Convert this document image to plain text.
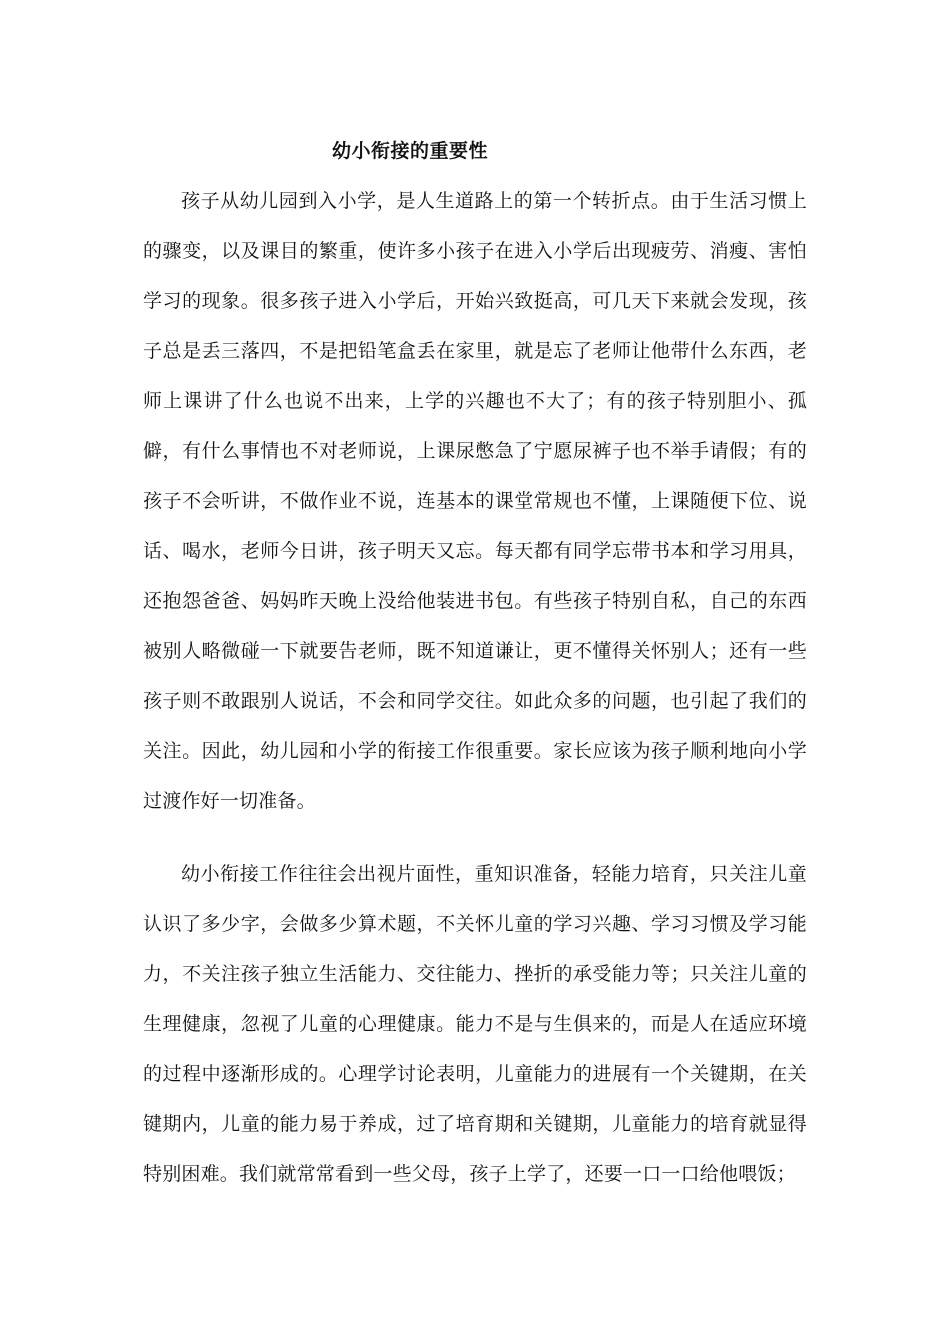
幼小衔接的重要性

孩子从幼儿园到入小学，是人生道路上的第一个转折点。由于生活习惯上的骤变，以及课目的繁重，使许多小孩子在进入小学后出现疲劳、消瘦、害怕学习的现象。很多孩子进入小学后，开始兴致挺高，可几天下来就会发现，孩子总是丢三落四，不是把铅笔盒丢在家里，就是忘了老师让他带什么东西，老师上课讲了什么也说不出来，上学的兴趣也不大了；有的孩子特别胆小、孤僻，有什么事情也不对老师说，上课尿憋急了宁愿尿裤子也不举手请假；有的孩子不会听讲，不做作业不说，连基本的课堂常规也不懂，上课随便下位、说话、喝水，老师今日讲，孩子明天又忘。每天都有同学忘带书本和学习用具，还抱怨爸爸、妈妈昨天晚上没给他装进书包。有些孩子特别自私，自己的东西被别人略微碰一下就要告老师，既不知道谦让，更不懂得关怀别人；还有一些孩子则不敢跟别人说话，不会和同学交往。如此众多的问题，也引起了我们的关注。因此，幼儿园和小学的衔接工作很重要。家长应该为孩子顺利地向小学过渡作好一切准备。

幼小衔接工作往往会出视片面性，重知识准备，轻能力培育，只关注儿童认识了多少字，会做多少算术题，不关怀儿童的学习兴趣、学习习惯及学习能力，不关注孩子独立生活能力、交往能力、挫折的承受能力等；只关注儿童的生理健康，忽视了儿童的心理健康。能力不是与生俱来的，而是人在适应环境的过程中逐渐形成的。心理学讨论表明，儿童能力的进展有一个关键期，在关键期内，儿童的能力易于养成，过了培育期和关键期，儿童能力的培育就显得特别困难。我们就常常看到一些父母，孩子上学了，还要一口一口给他喂饭；
